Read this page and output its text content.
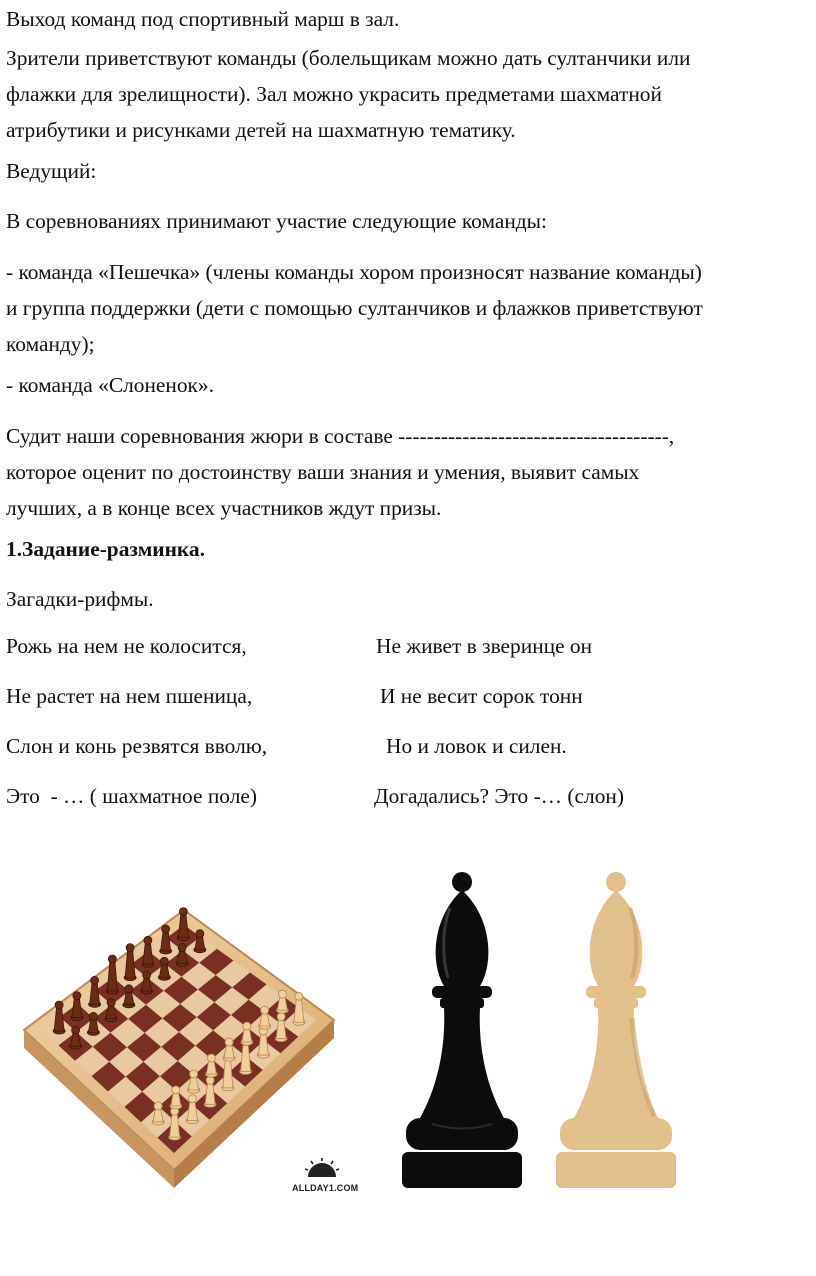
Выход команд под спортивный марш в зал.

Зрители приветствуют команды (болельщикам можно дать султанчики или

флажки для зрелищности). Зал можно украсить предметами шахматной

атрибутики и рисунками детей на шахматную тематику.

Ведущий:

В соревнованиях принимают участие следующие команды:

- команда «Пешечка» (члены команды хором произносят название команды)

и группа поддержки (дети с помощью султанчиков и флажков приветствуют

команду);

- команда «Слоненок».

Судит наши соревнования жюри в составе --------------------------------------,

которое оценит по достоинству ваши знания и умения, выявит самых

лучших, а в конце всех участников ждут призы.

1.Задание-разминка.

Загадки-рифмы.

Рожь на нем не колосится,	Не живет в зверинце он
Не растет на нем пшеница,	И не весит сорок тонн
Слон и конь резвятся вволю,	Но и ловок и силен.
Это  - … ( шахматное поле)	Догадались? Это -… (слон)
ALLDAY1.COM
